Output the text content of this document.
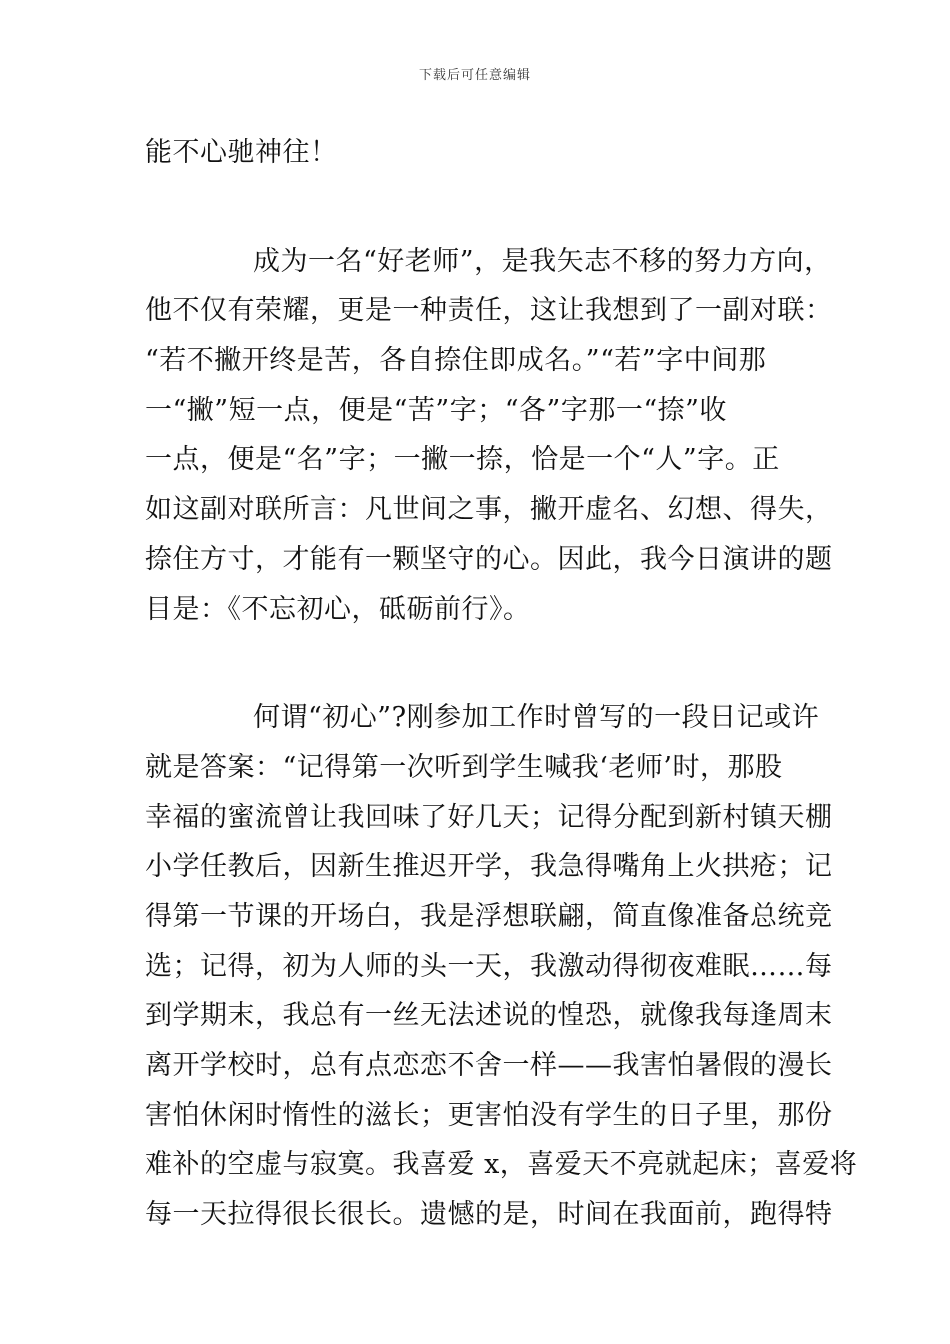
下载后可任意编辑
能不心驰神往！
成为一名“好老师”，是我矢志不移的努力方向，
他不仅有荣耀，更是一种责任，这让我想到了一副对联：
“若不撇开终是苦，各自捺住即成名。”“若”字中间那
一“撇”短一点，便是“苦”字；“各”字那一“捺”收
一点，便是“名”字；一撇一捺，恰是一个“人”字。正
如这副对联所言：凡世间之事，撇开虚名、幻想、得失，
捺住方寸，才能有一颗坚守的心。因此，我今日演讲的题
目是：《不忘初心，砥砺前行》。
何谓“初心”?刚参加工作时曾写的一段日记或许
就是答案：“记得第一次听到学生喊我‘老师’时，那股
幸福的蜜流曾让我回味了好几天；记得分配到新村镇天棚
小学任教后，因新生推迟开学，我急得嘴角上火拱疮；记
得第一节课的开场白，我是浮想联翩，简直像准备总统竞
选；记得，初为人师的头一天，我激动得彻夜难眠……每
到学期末，我总有一丝无法述说的惶恐，就像我每逢周末
离开学校时，总有点恋恋不舍一样——我害怕暑假的漫长
害怕休闲时惰性的滋长；更害怕没有学生的日子里，那份
难补的空虚与寂寞。我喜爱 x，喜爱天不亮就起床；喜爱将
每一天拉得很长很长。遗憾的是，时间在我面前，跑得特
